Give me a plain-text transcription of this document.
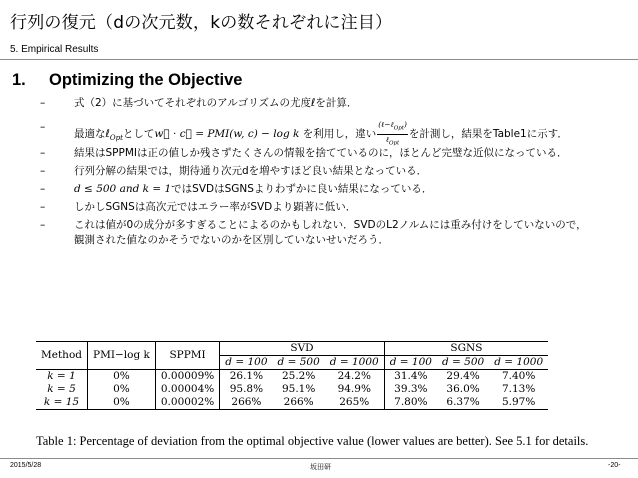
行列の復元（dの次元数，kの数それぞれに注目）
5. Empirical Results
1. Optimizing the Objective
–	式（2）に基づいてそれぞれのアルゴリズムの尤度ℓを計算．
–
最適なℓ$_{Opt}$としてw⃗ · c⃗ = PMI(w, c) − log k を利用し，違い $\frac{(\ell-\ell_{Opt})}{\ell_{Opt}}$ を計測し，結果をTable1に示す．
–	結果はSPPMIは正の値しか残さずたくさんの情報を捨てているのに，ほとんど完璧な近似になっている．
–	行列分解の結果では，期待通り次元dを増やすほど良い結果となっている．
–	d ≤ 500 and k = 1ではSVDはSGNSよりわずかに良い結果になっている．
–	しかしSGNSは高次元ではエラー率がSVDより顕著に低い．
–	これは値が0の成分が多すぎることによるのかもしれない．SVDのL2ノルムには重み付けをしていないので，
観測された値なのかそうでないのかを区別していないせいだろう．
Method	PMI−log k	SPPMI	SVD			SGNS		
			d = 100	d = 500	d = 1000	d = 100	d = 500	d = 1000
k = 1	0%	0.00009%	26.1%	25.2%	24.2%	31.4%	29.4%	7.40%
k = 5	0%	0.00004%	95.8%	95.1%	94.9%	39.3%	36.0%	7.13%
k = 15	0%	0.00002%	266%	266%	265%	7.80%	6.37%	5.97%
Table 1: Percentage of deviation from the optimal objective value (lower values are better). See 5.1 for details.
2015/5/28	坂田研	-20-
